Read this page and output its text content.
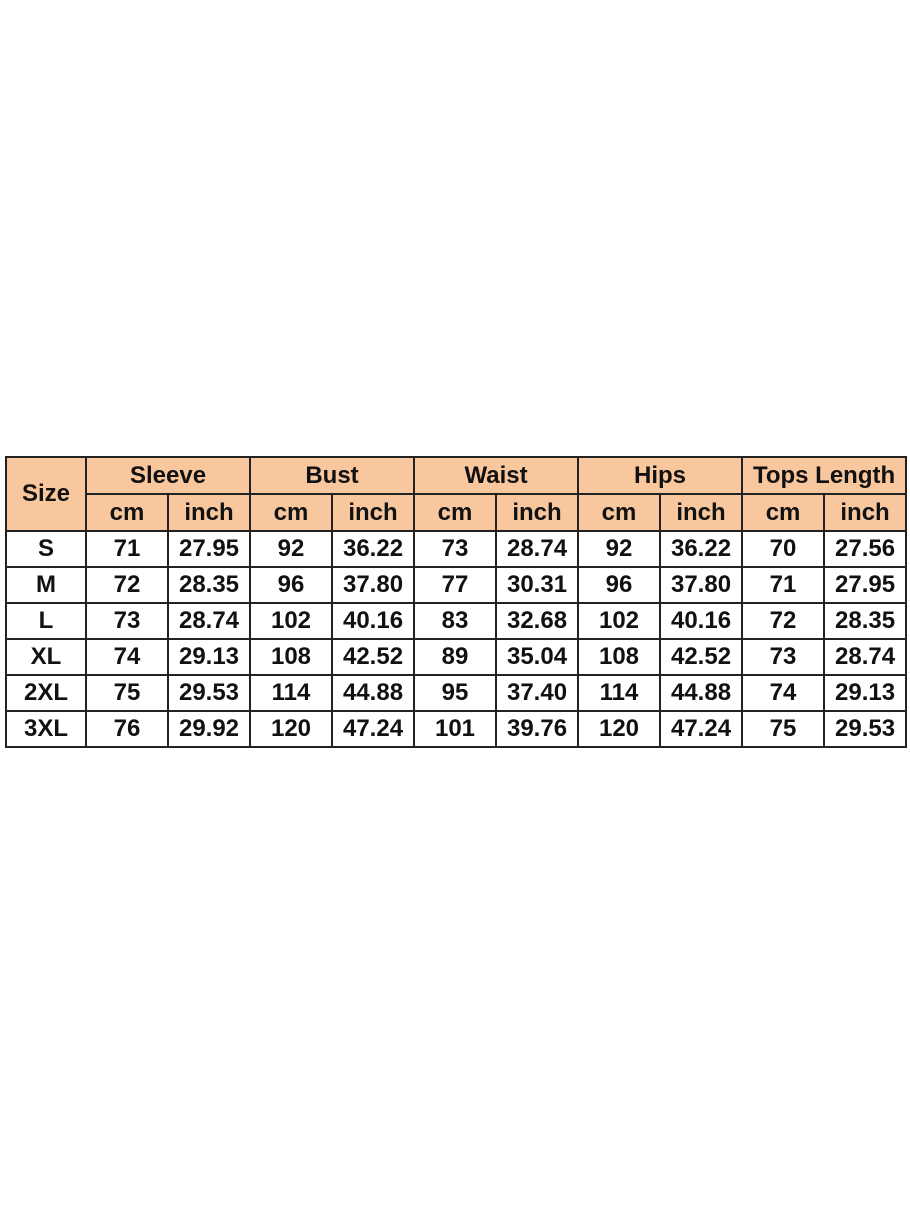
Size	Sleeve		Bust		Waist		Hips		Tops Length	
	cm	inch	cm	inch	cm	inch	cm	inch	cm	inch
S	71	27.95	92	36.22	73	28.74	92	36.22	70	27.56
M	72	28.35	96	37.80	77	30.31	96	37.80	71	27.95
L	73	28.74	102	40.16	83	32.68	102	40.16	72	28.35
XL	74	29.13	108	42.52	89	35.04	108	42.52	73	28.74
2XL	75	29.53	114	44.88	95	37.40	114	44.88	74	29.13
3XL	76	29.92	120	47.24	101	39.76	120	47.24	75	29.53
